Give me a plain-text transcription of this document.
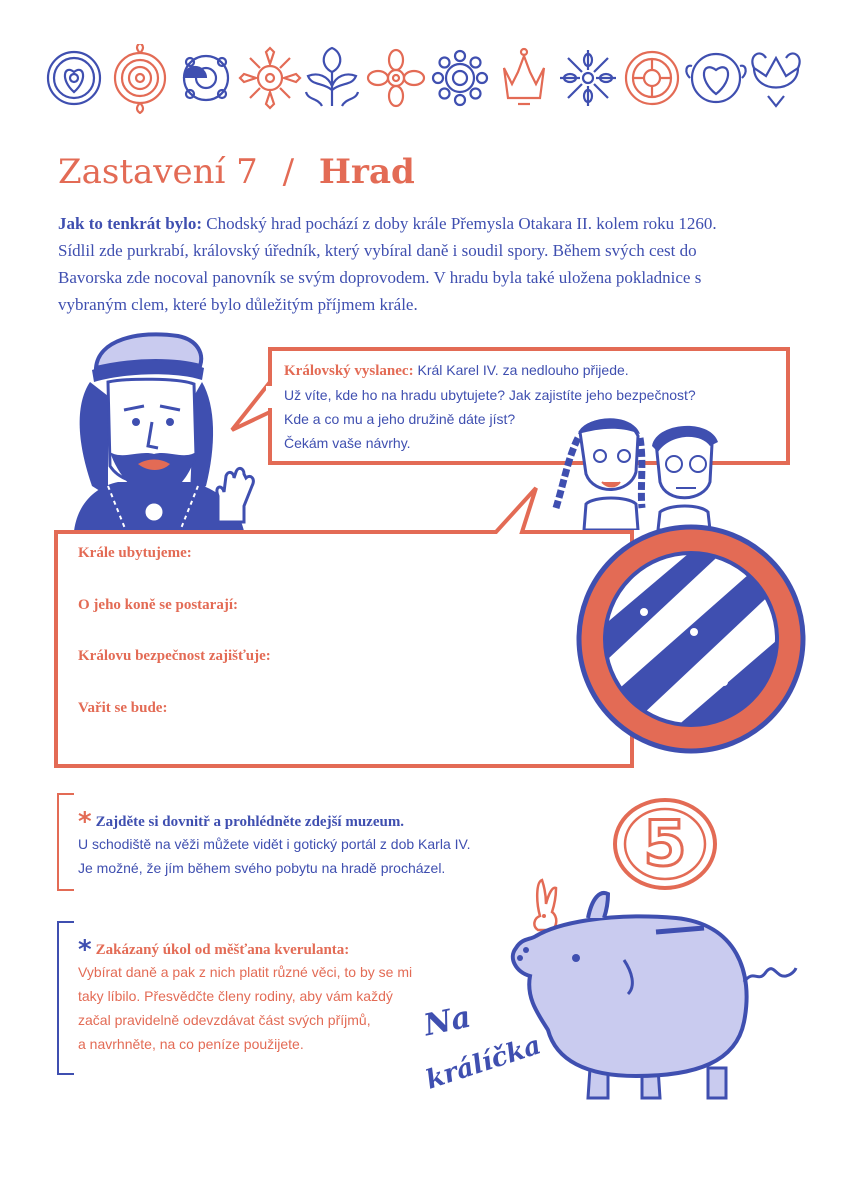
Zastavení 7 / Hrad
Jak to tenkrát bylo: Chodský hrad pochází z doby krále Přemysla Otakara II. kolem roku 1260. Sídlil zde purkrabí, královský úředník, který vybíral daně i soudil spory. Během svých cest do Bavorska zde nocoval panovník se svým doprovodem. V hradu byla také uložena pokladnice s vybraným clem, které bylo důležitým příjmem krále.
Královský vyslanec: Král Karel IV. za nedlouho přijede.
Už víte, kde ho na hradu ubytujete? Jak zajistíte jeho bezpečnost?
Kde a co mu a jeho družině dáte jíst?
Čekám vaše návrhy.
Krále ubytujeme:
O jeho koně se postarají:
Královu bezpečnost zajišťuje:
Vařit se bude:
* Zajděte si dovnitř a prohlédněte zdejší muzeum.
U schodiště na věži můžete vidět i gotický portál z dob Karla IV.
Je možné, že jím během svého pobytu na hradě procházel.
* Zakázaný úkol od měšťana kverulanta:
Vybírat daně a pak z nich platit různé věci, to by se mi
taky líbilo. Přesvědčte členy rodiny, aby vám každý
začal pravidelně odevzdávat část svých příjmů,
a navrhněte, na co peníze použijete.
5
Na
králíčka
